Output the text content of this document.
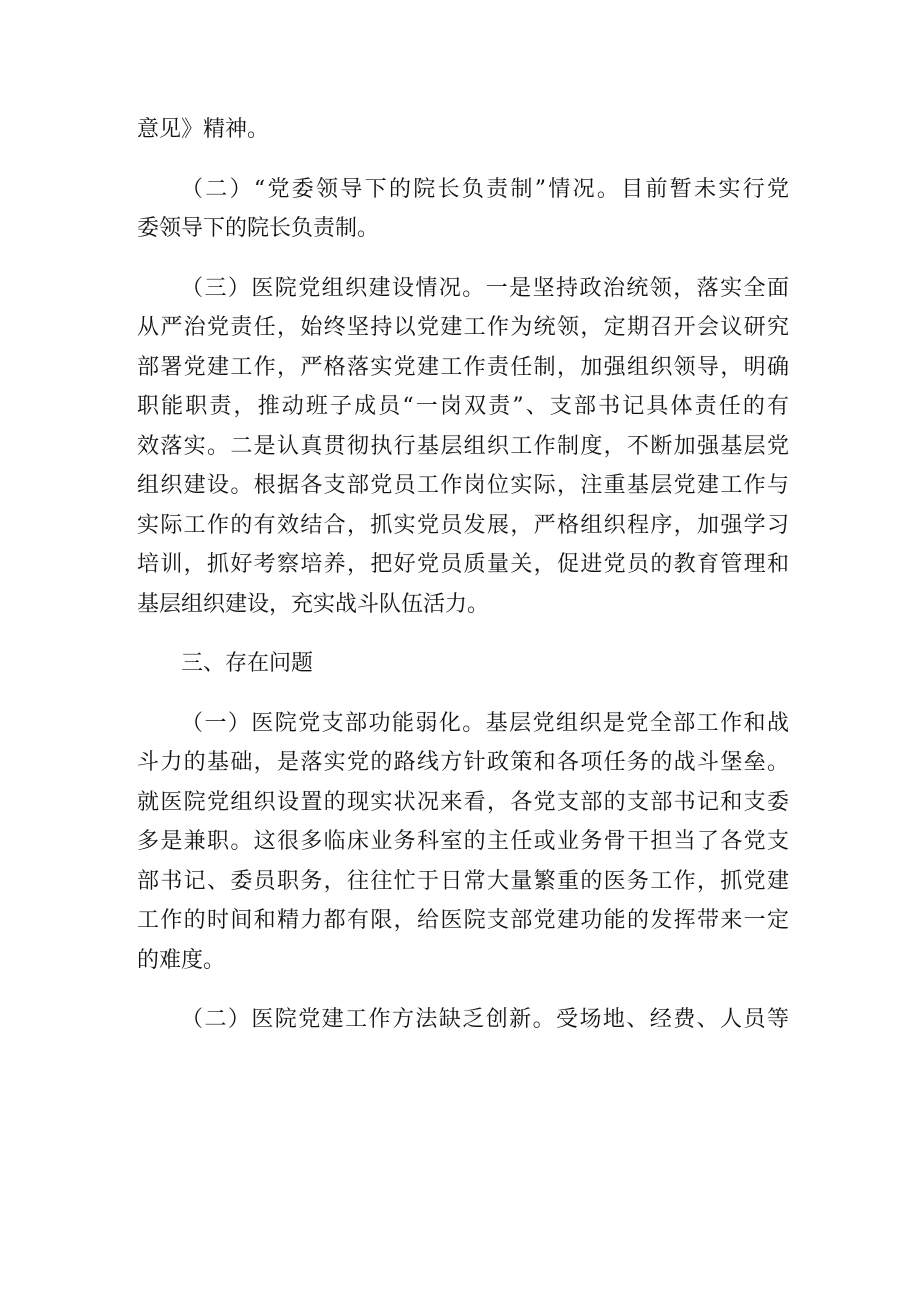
意见》精神。
（二）“党委领导下的院长负责制”情况。目前暂未实行党
委领导下的院长负责制。
（三）医院党组织建设情况。一是坚持政治统领，落实全面
从严治党责任，始终坚持以党建工作为统领，定期召开会议研究
部署党建工作，严格落实党建工作责任制，加强组织领导，明确
职能职责，推动班子成员“一岗双责”、支部书记具体责任的有
效落实。二是认真贯彻执行基层组织工作制度，不断加强基层党
组织建设。根据各支部党员工作岗位实际，注重基层党建工作与
实际工作的有效结合，抓实党员发展，严格组织程序，加强学习
培训，抓好考察培养，把好党员质量关，促进党员的教育管理和
基层组织建设，充实战斗队伍活力。
三、存在问题
（一）医院党支部功能弱化。基层党组织是党全部工作和战
斗力的基础，是落实党的路线方针政策和各项任务的战斗堡垒。
就医院党组织设置的现实状况来看，各党支部的支部书记和支委
多是兼职。这很多临床业务科室的主任或业务骨干担当了各党支
部书记、委员职务，往往忙于日常大量繁重的医务工作，抓党建
工作的时间和精力都有限，给医院支部党建功能的发挥带来一定
的难度。
（二）医院党建工作方法缺乏创新。受场地、经费、人员等
